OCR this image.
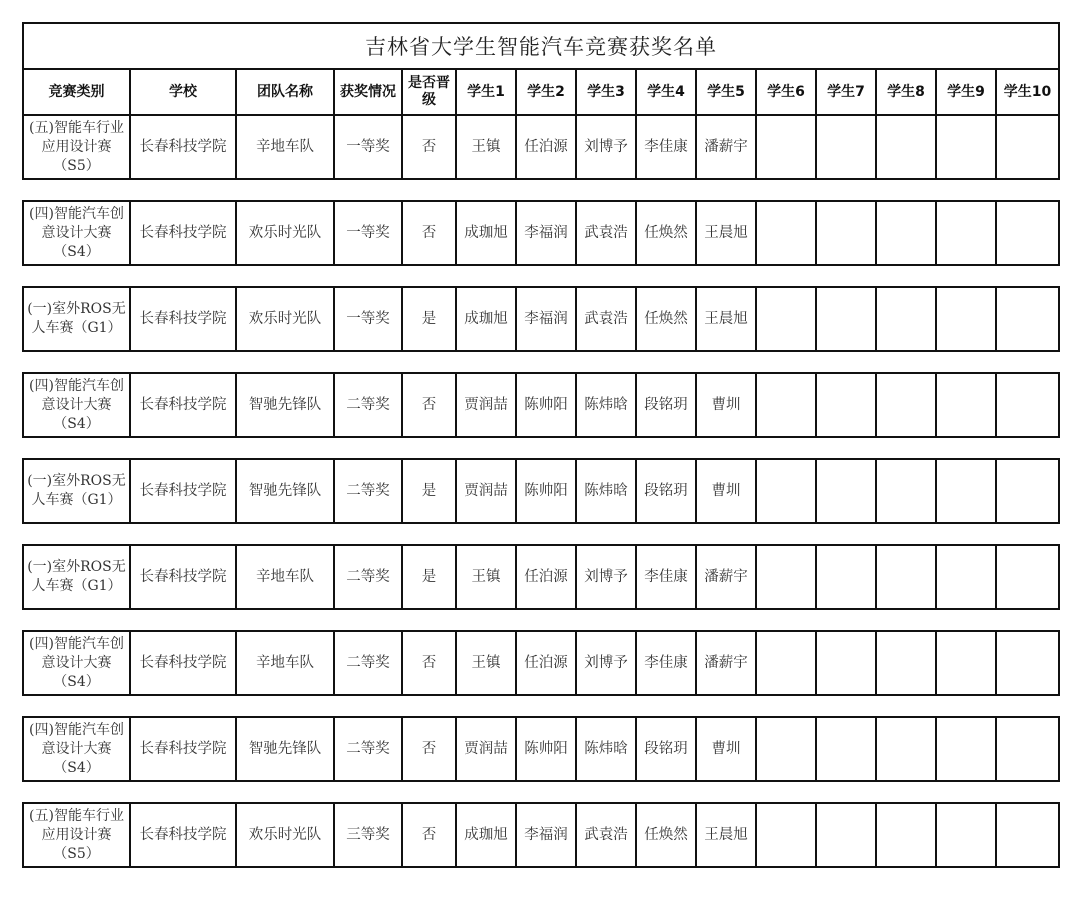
吉林省大学生智能汽车竞赛获奖名单														
竞赛类别	学校	团队名称	获奖情况	是否晋级	学生1	学生2	学生3	学生4	学生5	学生6	学生7	学生8	学生9	学生10
(五)智能车行业应用设计赛（S5）	长春科技学院	辛地车队	一等奖	否	王镇	任泊源	刘博予	李佳康	潘薪宇					

(四)智能汽车创意设计大赛（S4）	长春科技学院	欢乐时光队	一等奖	否	成珈旭	李福润	武袁浩	任焕然	王晨旭					

(一)室外ROS无人车赛（G1）	长春科技学院	欢乐时光队	一等奖	是	成珈旭	李福润	武袁浩	任焕然	王晨旭					

(四)智能汽车创意设计大赛（S4）	长春科技学院	智驰先锋队	二等奖	否	贾润喆	陈帅阳	陈炜晗	段铭玥	曹圳					

(一)室外ROS无人车赛（G1）	长春科技学院	智驰先锋队	二等奖	是	贾润喆	陈帅阳	陈炜晗	段铭玥	曹圳					

(一)室外ROS无人车赛（G1）	长春科技学院	辛地车队	二等奖	是	王镇	任泊源	刘博予	李佳康	潘薪宇					

(四)智能汽车创意设计大赛（S4）	长春科技学院	辛地车队	二等奖	否	王镇	任泊源	刘博予	李佳康	潘薪宇					

(四)智能汽车创意设计大赛（S4）	长春科技学院	智驰先锋队	二等奖	否	贾润喆	陈帅阳	陈炜晗	段铭玥	曹圳					

(五)智能车行业应用设计赛（S5）	长春科技学院	欢乐时光队	三等奖	否	成珈旭	李福润	武袁浩	任焕然	王晨旭					
